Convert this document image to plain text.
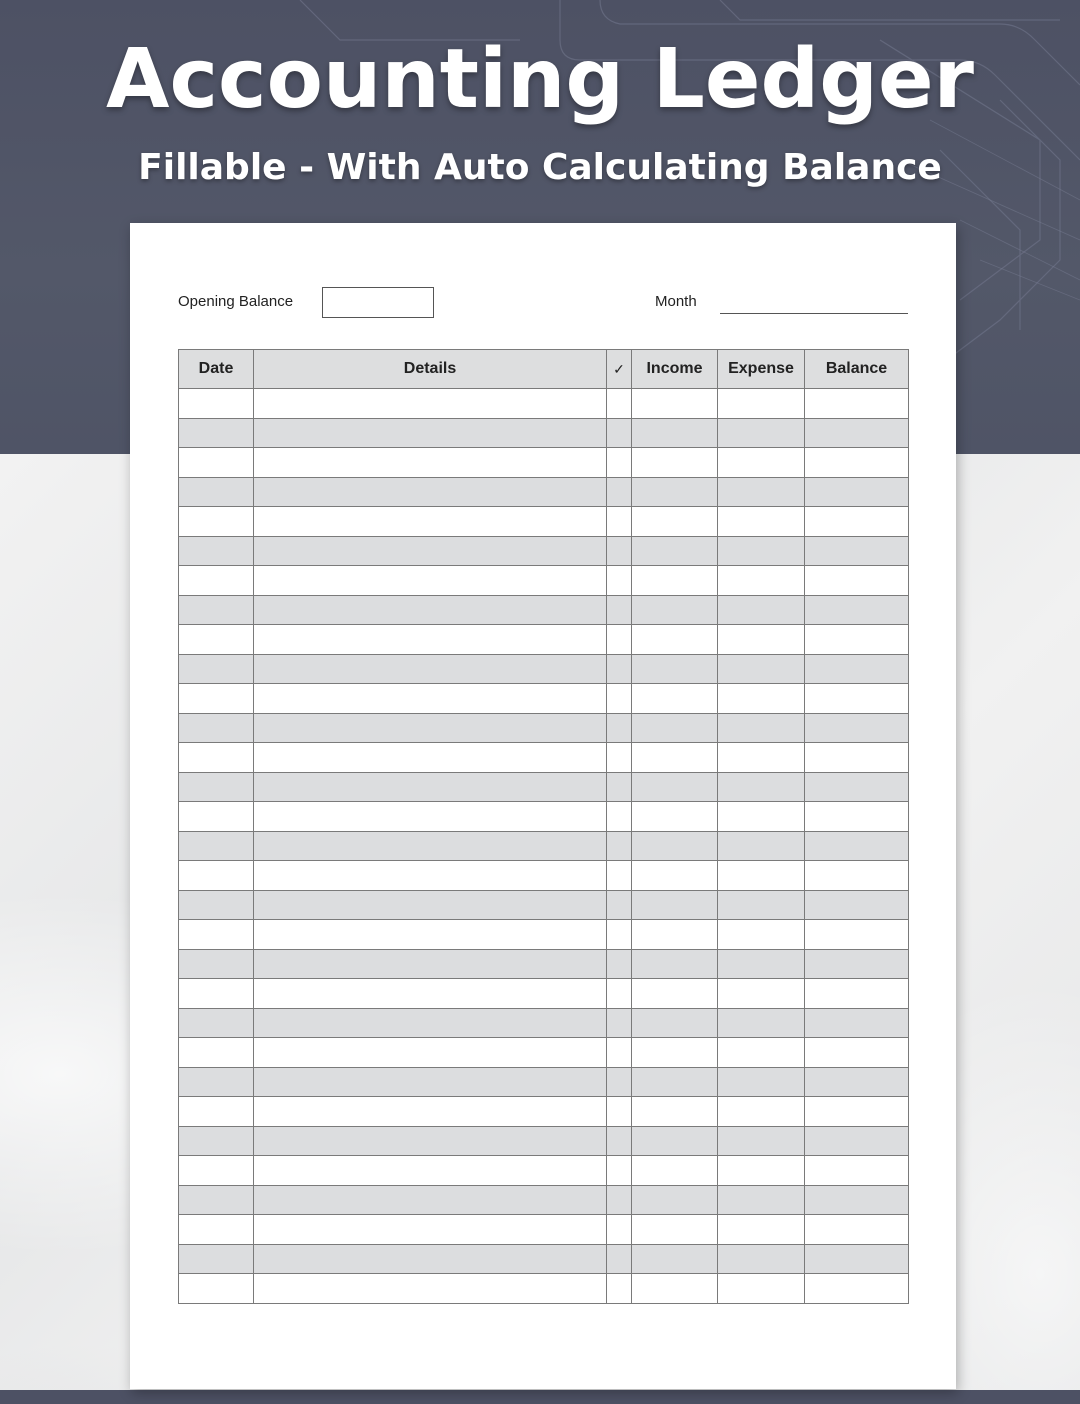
Accounting Ledger
Fillable - With Auto Calculating Balance
Opening Balance	Month
Date	Details	✓	Income	Expense	Balance
